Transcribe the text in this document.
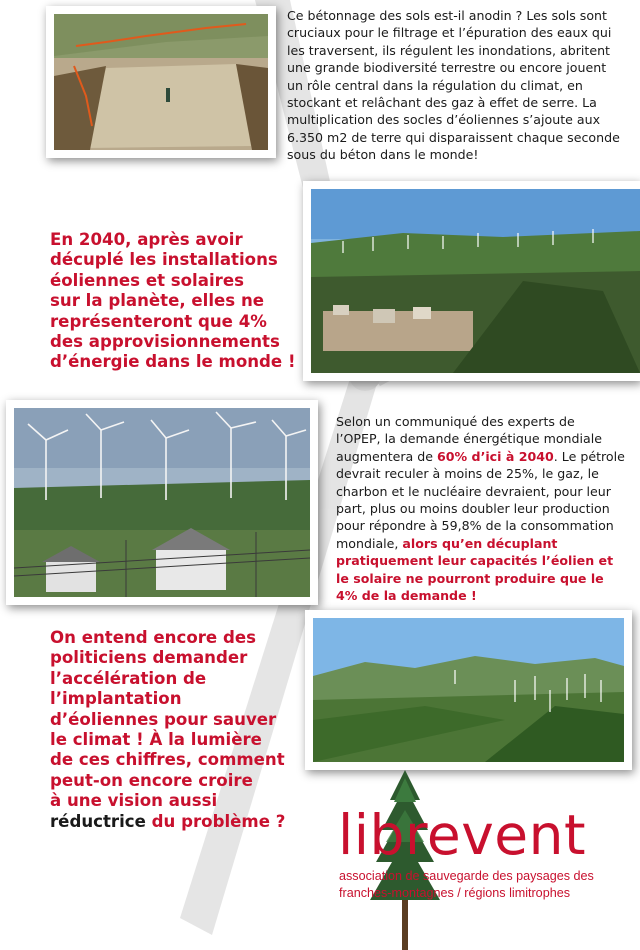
Ce bétonnage des sols est-il anodin ? Les sols sont
cruciaux pour le filtrage et l’épuration des eaux qui
les traversent, ils régulent les inondations, abritent
une grande biodiversité terrestre ou encore jouent
un rôle central dans la régulation du climat, en
stockant et relâchant des gaz à effet de serre. La
multiplication des socles d’éoliennes s’ajoute aux
6.350 m2 de terre qui disparaissent chaque seconde
sous du béton dans le monde!

En 2040, après avoir
décuplé les installations
éoliennes et solaires
sur la planète, elles ne
représenteront que 4%
des approvisionnements
d’énergie dans le monde !

Selon un communiqué des experts de
l’OPEP, la demande énergétique mondiale
augmentera de 60% d’ici à 2040. Le pétrole
devrait reculer à moins de 25%, le gaz, le
charbon et le nucléaire devraient, pour leur
part, plus ou moins doubler leur production
pour répondre à 59,8% de la consommation
mondiale, alors qu’en décuplant
pratiquement leur capacités l’éolien et
le solaire ne pourront produire que le
4% de la demande !

On entend encore des
politiciens demander
l’accélération de
l’implantation
d’éoliennes pour sauver
le climat ! À la lumière
de ces chiffres, comment
peut-on encore croire
à une vision aussi
réductrice du problème ? librevent

association de sauvegarde des paysages des
franches-montagnes / régions limitrophes
